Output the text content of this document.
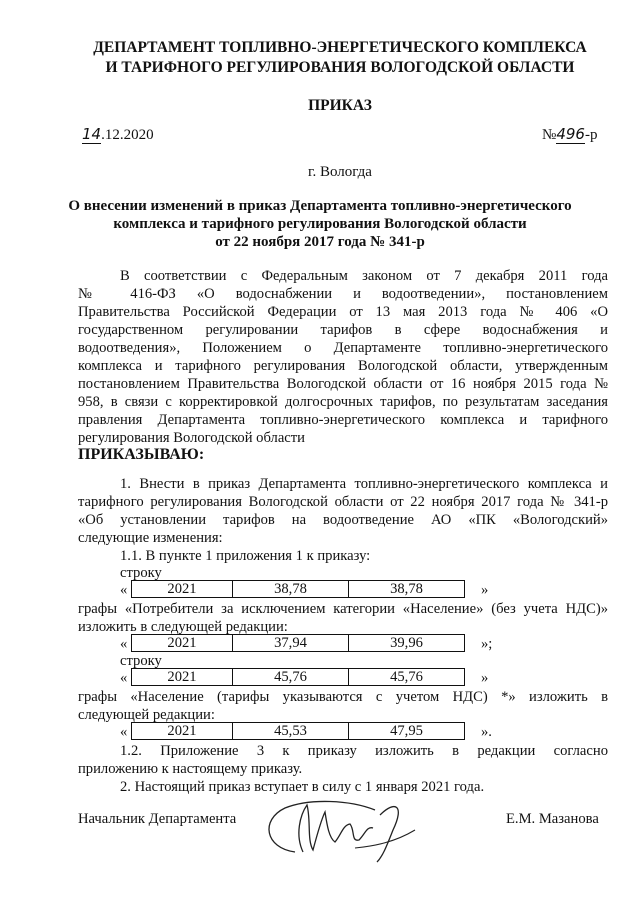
ДЕПАРТАМЕНТ ТОПЛИВНО-ЭНЕРГЕТИЧЕСКОГО КОМПЛЕКСА
И ТАРИФНОГО РЕГУЛИРОВАНИЯ ВОЛОГОДСКОЙ ОБЛАСТИ
ПРИКАЗ
14.12.2020	№496-р
г. Вологда
О внесении изменений в приказ Департамента топливно-энергетического
комплекса и тарифного регулирования Вологодской области
от 22 ноября 2017 года № 341-р
В соответствии с Федеральным законом от 7 декабря 2011 года
№ 416-ФЗ «О водоснабжении и водоотведении», постановлением
Правительства Российской Федерации от 13 мая 2013 года № 406 «О
государственном регулировании тарифов в сфере водоснабжения и
водоотведения», Положением о Департаменте топливно-энергетического
комплекса и тарифного регулирования Вологодской области, утвержденным
постановлением Правительства Вологодской области от 16 ноября 2015 года №
958, в связи с корректировкой долгосрочных тарифов, по результатам заседания
правления Департамента топливно-энергетического комплекса и тарифного
регулирования Вологодской области
ПРИКАЗЫВАЮ:
1. Внести в приказ Департамента топливно-энергетического комплекса и
тарифного регулирования Вологодской области от 22 ноября 2017 года № 341-р
«Об установлении тарифов на водоотведение АО «ПК «Вологодский»
следующие изменения:
1.1. В пункте 1 приложения 1 к приказу:
строку
«	2021	38,78	38,78	»
графы «Потребители за исключением категории «Население» (без учета НДС)»
изложить в следующей редакции:
«	2021	37,94	39,96	»;
строку
«	2021	45,76	45,76	»
графы «Население (тарифы указываются с учетом НДС) *» изложить в
следующей редакции:
«	2021	45,53	47,95	».
1.2. Приложение 3 к приказу изложить в редакции согласно
приложению к настоящему приказу.
2. Настоящий приказ вступает в силу с 1 января 2021 года.
Начальник Департамента	Е.М. Мазанова
